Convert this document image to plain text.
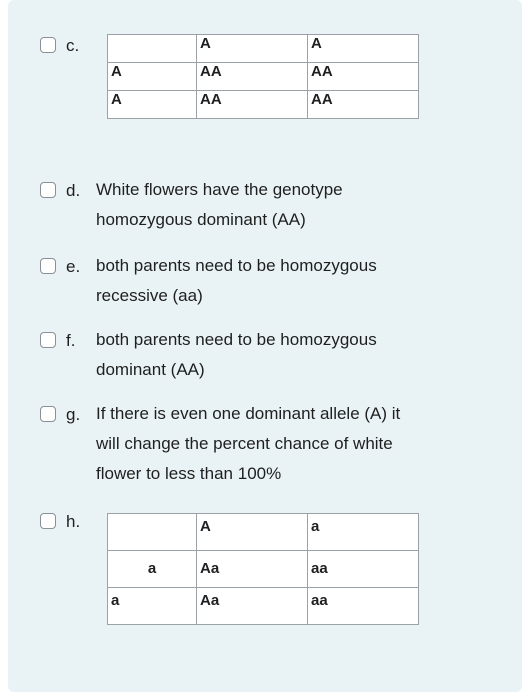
c.
		A	A
A	AA	AA
A	AA	AA
d. White flowers have the genotype
homozygous dominant (AA)
e. both parents need to be homozygous
recessive (aa)
f.	both parents need to be homozygous
dominant (AA)
g. If there is even one dominant allele (A) it
will change the percent chance of white
flower to less than 100%
h.
		A	a
a	Aa	aa
a	Aa	aa
